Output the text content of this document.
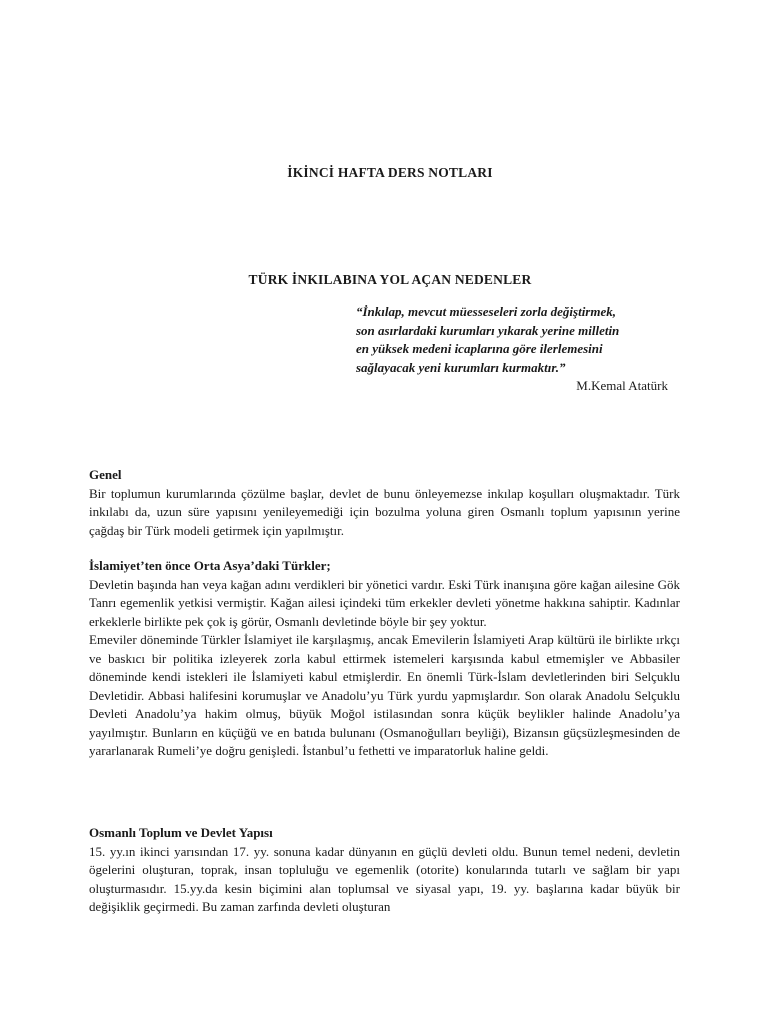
İKİNCİ HAFTA DERS NOTLARI
TÜRK İNKILABINA YOL AÇAN NEDENLER
“İnkılap, mevcut müesseseleri zorla değiştirmek,
son asırlardaki kurumları yıkarak yerine milletin
en yüksek medeni icaplarına göre ilerlemesini
sağlayacak yeni kurumları kurmaktır.”
M.Kemal Atatürk
Genel
Bir toplumun kurumlarında çözülme başlar, devlet de bunu önleyemezse inkılap koşulları oluşmaktadır. Türk inkılabı da, uzun süre yapısını yenileyemediği için bozulma yoluna giren Osmanlı toplum yapısının yerine çağdaş bir Türk modeli getirmek için yapılmıştır.
İslamiyet’ten önce Orta Asya’daki Türkler;
Devletin başında han veya kağan adını verdikleri bir yönetici vardır. Eski Türk inanışına göre kağan ailesine Gök Tanrı egemenlik yetkisi vermiştir. Kağan ailesi içindeki tüm erkekler devleti yönetme hakkına sahiptir. Kadınlar erkeklerle birlikte pek çok iş görür, Osmanlı devletinde böyle bir şey yoktur.
Emeviler döneminde Türkler İslamiyet ile karşılaşmış, ancak Emevilerin İslamiyeti Arap kültürü ile birlikte ırkçı ve baskıcı bir politika izleyerek zorla kabul ettirmek istemeleri karşısında kabul etmemişler ve Abbasiler döneminde kendi istekleri ile İslamiyeti kabul etmişlerdir. En önemli Türk-İslam devletlerinden biri Selçuklu Devletidir. Abbasi halifesini korumuşlar ve Anadolu’yu Türk yurdu yapmışlardır. Son olarak Anadolu Selçuklu Devleti Anadolu’ya hakim olmuş, büyük Moğol istilasından sonra küçük beylikler halinde Anadolu’ya yayılmıştır. Bunların en küçüğü ve en batıda bulunanı (Osmanoğulları beyliği), Bizansın güçsüzleşmesinden de yararlanarak Rumeli’ye doğru genişledi. İstanbul’u fethetti ve imparatorluk haline geldi.
Osmanlı Toplum ve Devlet Yapısı
15. yy.ın ikinci yarısından 17. yy. sonuna kadar dünyanın en güçlü devleti oldu. Bunun temel nedeni, devletin ögelerini oluşturan, toprak, insan topluluğu ve egemenlik (otorite) konularında tutarlı ve sağlam bir yapı oluşturmasıdır. 15.yy.da kesin biçimini alan toplumsal ve siyasal yapı, 19. yy. başlarına kadar büyük bir değişiklik geçirmedi. Bu zaman zarfında devleti oluşturan
